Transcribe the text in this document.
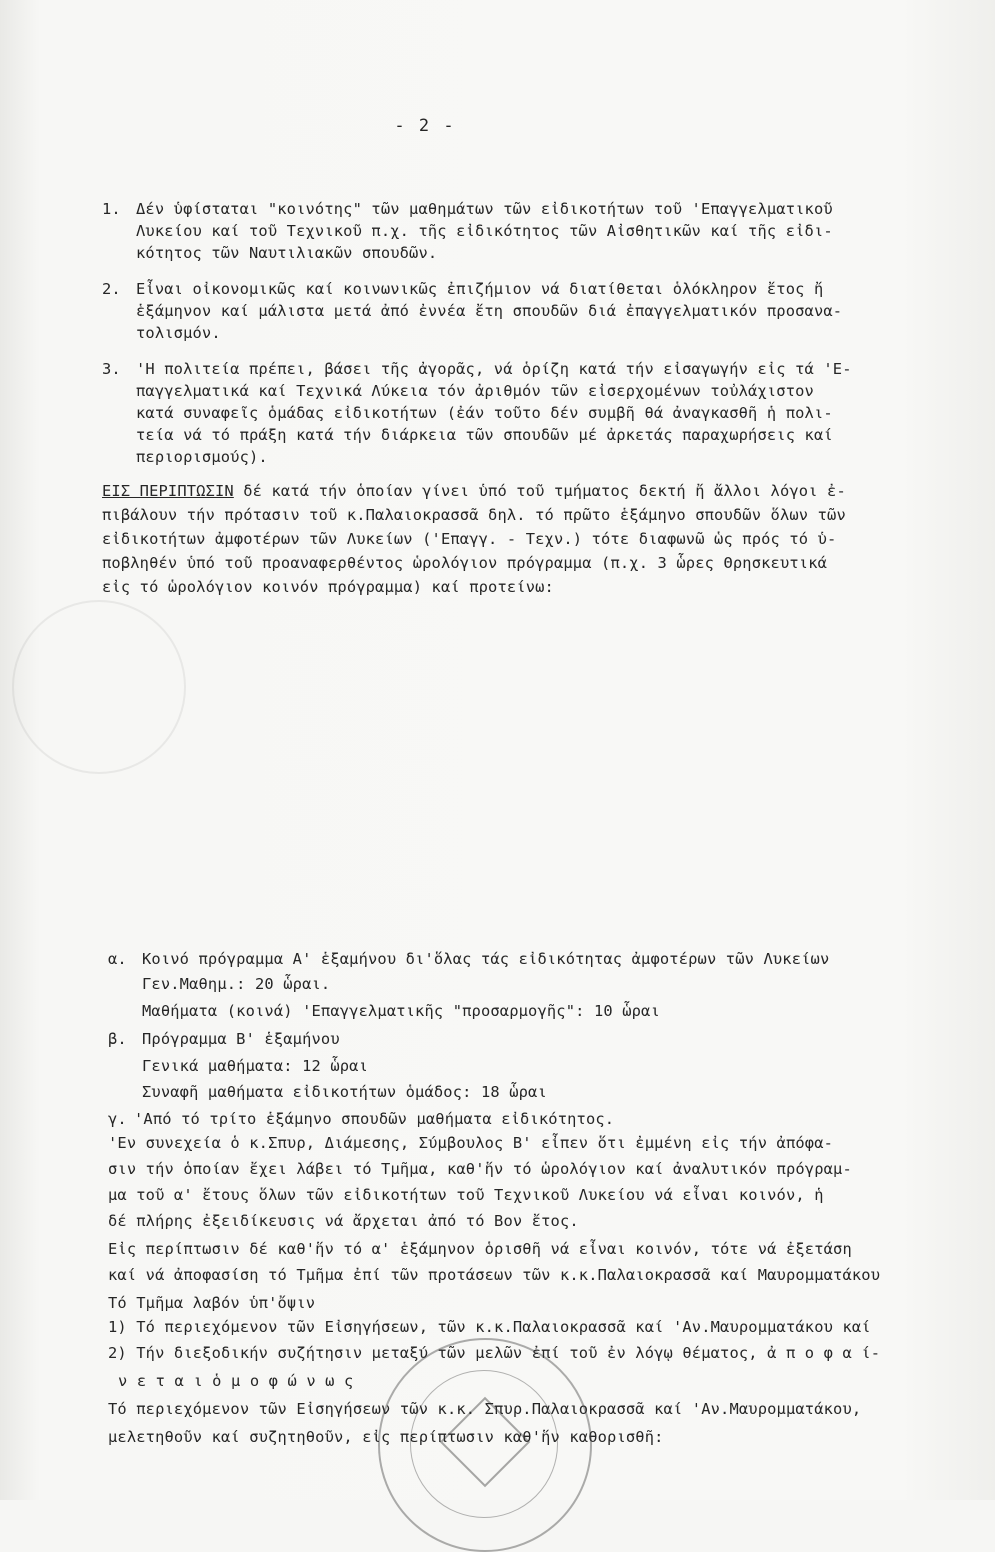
- 2 -
1. Δέν ὑφίσταται "κοινότης" τῶν μαθημάτων τῶν εἰδικοτήτων τοῦ 'Επαγγελματικοῦ
Λυκείου καί τοῦ Τεχνικοῦ π.χ. τῆς εἰδικότητος τῶν Αἰσθητικῶν καί τῆς εἰδι-
κότητος τῶν Ναυτιλιακῶν σπουδῶν.
2. Εἶναι οἰκονομικῶς καί κοινωνικῶς ἐπιζήμιον νά διατίθεται ὁλόκληρον ἔτος ἤ
ἑξάμηνον καί μάλιστα μετά ἀπό ἐννέα ἔτη σπουδῶν διά ἐπαγγελματικόν προσανα-
τολισμόν.
3. 'Η πολιτεία πρέπει, βάσει τῆς ἀγορᾶς, νά ὁρίζη κατά τήν εἰσαγωγήν εἰς τά 'Ε-
παγγελματικά καί Τεχνικά Λύκεια τόν ἀριθμόν τῶν εἰσερχομένων τοὐλάχιστον
κατά συναφεῖς ὁμάδας εἰδικοτήτων (ἐάν τοῦτο δέν συμβῆ θά ἀναγκασθῆ ἡ πολι-
τεία νά τό πράξη κατά τήν διάρκεια τῶν σπουδῶν μέ ἀρκετάς παραχωρήσεις καί
περιορισμούς).
ΕΙΣ ΠΕΡΙΠΤΩΣΙΝ δέ κατά τήν ὁποίαν γίνει ὑπό τοῦ τμήματος δεκτή ἤ ἄλλοι λόγοι ἐ-
πιβάλουν τήν πρότασιν τοῦ κ.Παλαιοκρασσᾶ δηλ. τό πρῶτο ἑξάμηνο σπουδῶν ὅλων τῶν
εἰδικοτήτων ἀμφοτέρων τῶν Λυκείων ('Επαγγ. - Τεχν.) τότε διαφωνῶ ὡς πρός τό ὑ-
ποβληθέν ὑπό τοῦ προαναφερθέντος ὡρολόγιον πρόγραμμα (π.χ. 3 ὧρες Θρησκευτικά
εἰς τό ὡρολόγιον κοινόν πρόγραμμα) καί προτείνω:
α. Κοινό πρόγραμμα Α' ἑξαμήνου δι'ὅλας τάς εἰδικότητας ἀμφοτέρων τῶν Λυκείων
Γεν.Μαθημ.: 20 ὧραι.
Μαθήματα (κοινά) 'Επαγγελματικῆς "προσαρμογῆς": 10 ὧραι
β. Πρόγραμμα Β' ἑξαμήνου
Γενικά μαθήματα: 12 ὧραι
Συναφῆ μαθήματα εἰδικοτήτων ὁμάδος: 18 ὧραι
γ. 'Από τό τρίτο ἑξάμηνο σπουδῶν μαθήματα εἰδικότητος.
'Εν συνεχεία ὁ κ.Σπυρ, Διάμεσης, Σύμβουλος Β' εἶπεν ὅτι ἐμμένη εἰς τήν ἀπόφα-
σιν τήν ὁποίαν ἔχει λάβει τό Τμῆμα, καθ'ἥν τό ὡρολόγιον καί ἀναλυτικόν πρόγραμ-
μα τοῦ α' ἔτους ὅλων τῶν εἰδικοτήτων τοῦ Τεχνικοῦ Λυκείου νά εἶναι κοινόν, ἡ
δέ πλήρης ἐξειδίκευσις νά ἄρχεται ἀπό τό Βον ἔτος.
Εἰς περίπτωσιν δέ καθ'ἥν τό α' ἑξάμηνον ὁρισθῆ νά εἶναι κοινόν, τότε νά ἐξετάση
καί νά ἀποφασίση τό Τμῆμα ἐπί τῶν προτάσεων τῶν κ.κ.Παλαιοκρασσᾶ καί Μαυρομματάκου
Τό Τμῆμα λαβόν ὑπ'ὄψιν
1) Τό περιεχόμενον τῶν Εἰσηγήσεων, τῶν κ.κ.Παλαιοκρασσᾶ καί 'Αν.Μαυρομματάκου καί
2) Τήν διεξοδικήν συζήτησιν μεταξύ τῶν μελῶν ἐπί τοῦ ἐν λόγῳ θέματος, ἀ π ο φ α ί-
ν ε τ α ι ὁ μ ο φ ώ ν ω ς
Τό περιεχόμενον τῶν Εἰσηγήσεων τῶν κ.κ. Σπυρ.Παλαιοκρασσᾶ καί 'Αν.Μαυρομματάκου,
μελετηθοῦν καί συζητηθοῦν, εἰς περίπτωσιν καθ'ἥν καθορισθῆ:
